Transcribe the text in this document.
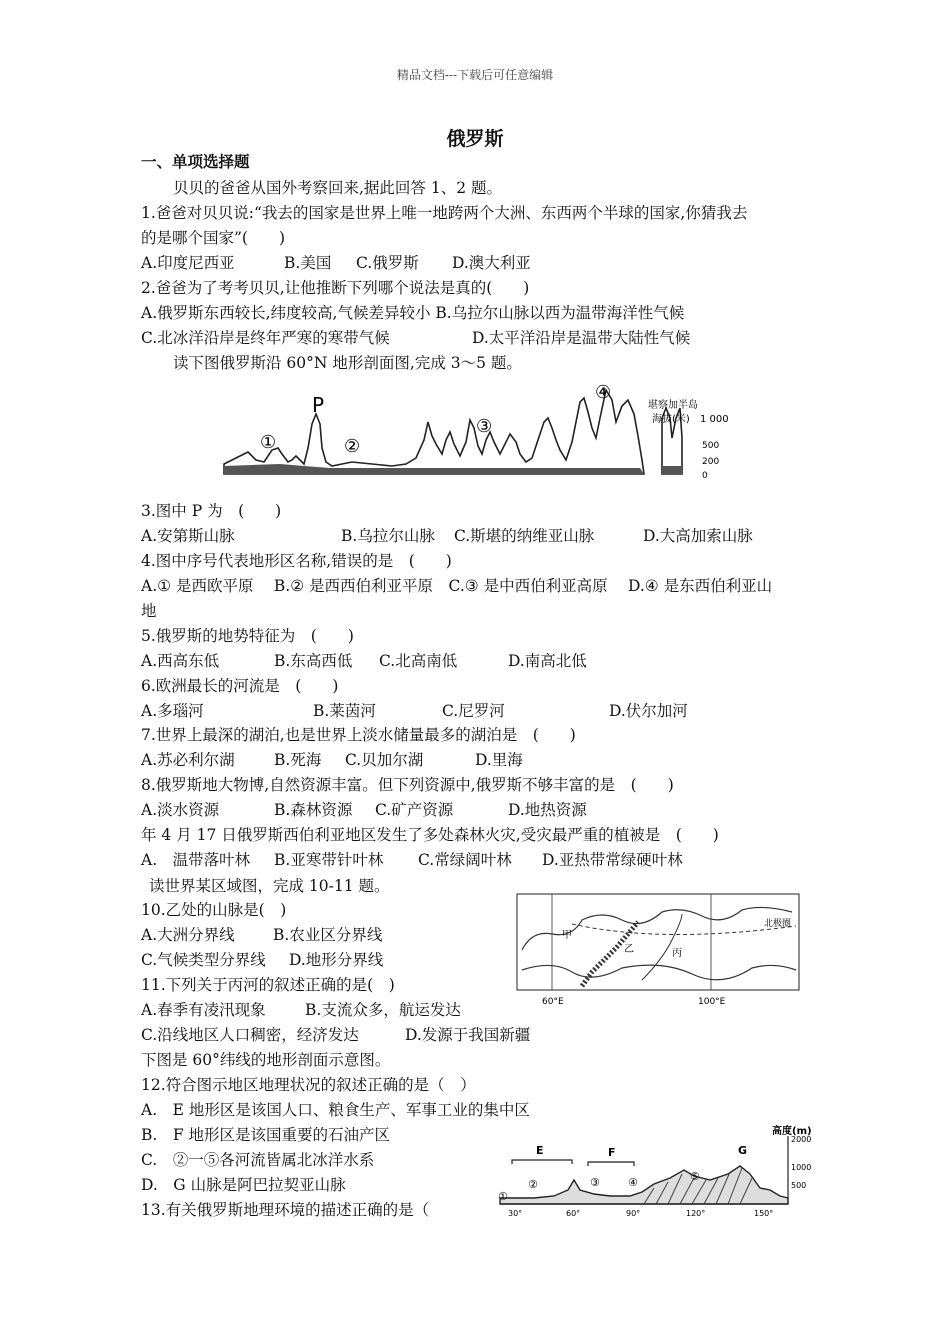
精品文档---下载后可任意编辑
俄罗斯
一、单项选择题
贝贝的爸爸从国外考察回来,据此回答 1、2 题。
1.爸爸对贝贝说:“我去的国家是世界上唯一地跨两个大洲、东西两个半球的国家,你猜我去
的是哪个国家”(　　)
A.印度尼西亚	B.美国 C.俄罗斯 D.澳大利亚
2.爸爸为了考考贝贝,让他推断下列哪个说法是真的(　　)
A.俄罗斯东西较长,纬度较高,气候差异较小 B.乌拉尔山脉以西为温带海洋性气候
C.北冰洋沿岸是终年严寒的寒带气候	D.太平洋沿岸是温带大陆性气候
读下图俄罗斯沿 60°N 地形剖面图,完成 3～5 题。
P
①	②
③
④
堪察加半岛
海拔(米) 1 000
500
200
0
3.图中 P 为　(　　)
A.安第斯山脉	B.乌拉尔山脉 C.斯堪的纳维亚山脉	D.大高加索山脉
4.图中序号代表地形区名称,错误的是　(　　)
A.① 是西欧平原　 B.② 是西西伯利亚平原　C.③ 是中西伯利亚高原　 D.④ 是东西伯利亚山
地
5.俄罗斯的地势特征为　(　　)
A.西高东低	B.东高西低 C.北高南低	D.南高北低
6.欧洲最长的河流是　(　　)
A.多瑙河	B.莱茵河	C.尼罗河	D.伏尔加河
7.世界上最深的湖泊,也是世界上淡水储量最多的湖泊是　(　　)
A.苏必利尔湖	B.死海 C.贝加尔湖	D.里海
8.俄罗斯地大物博,自然资源丰富。但下列资源中,俄罗斯不够丰富的是　(　　)
A.淡水资源	B.森林资源 C.矿产资源	D.地热资源
年 4 月 17 日俄罗斯西伯利亚地区发生了多处森林火灾,受灾最严重的植被是　(　　)
A.　温带落叶林 B.亚寒带针叶林 C.常绿阔叶林 D.亚热带常绿硬叶林
读世界某区域图，完成 10-11 题。
甲
乙	丙
北极圈
60°E	100°E
10.乙处的山脉是(　)
A.大洲分界线 B.农业区分界线
C.气候类型分界线 D.地形分界线
11.下列关于丙河的叙述正确的是(　)
A.春季有凌汛现象	B.支流众多，航运发达
C.沿线地区人口稠密，经济发达	D.发源于我国新疆
下图是 60°纬线的地形剖面示意图。
12.符合图示地区地理状况的叙述正确的是（　）
A.　E 地形区是该国人口、粮食生产、军事工业的集中区
B.　F 地形区是该国重要的石油产区
C.　②一⑤各河流皆属北冰洋水系
D.　G 山脉是阿巴拉契亚山脉
13.有关俄罗斯地理环境的描述正确的是（
高度(m)
2000
1000
500
E	F	G
①
②	③	④	⑤
30°	60°	90°	120°	150°
